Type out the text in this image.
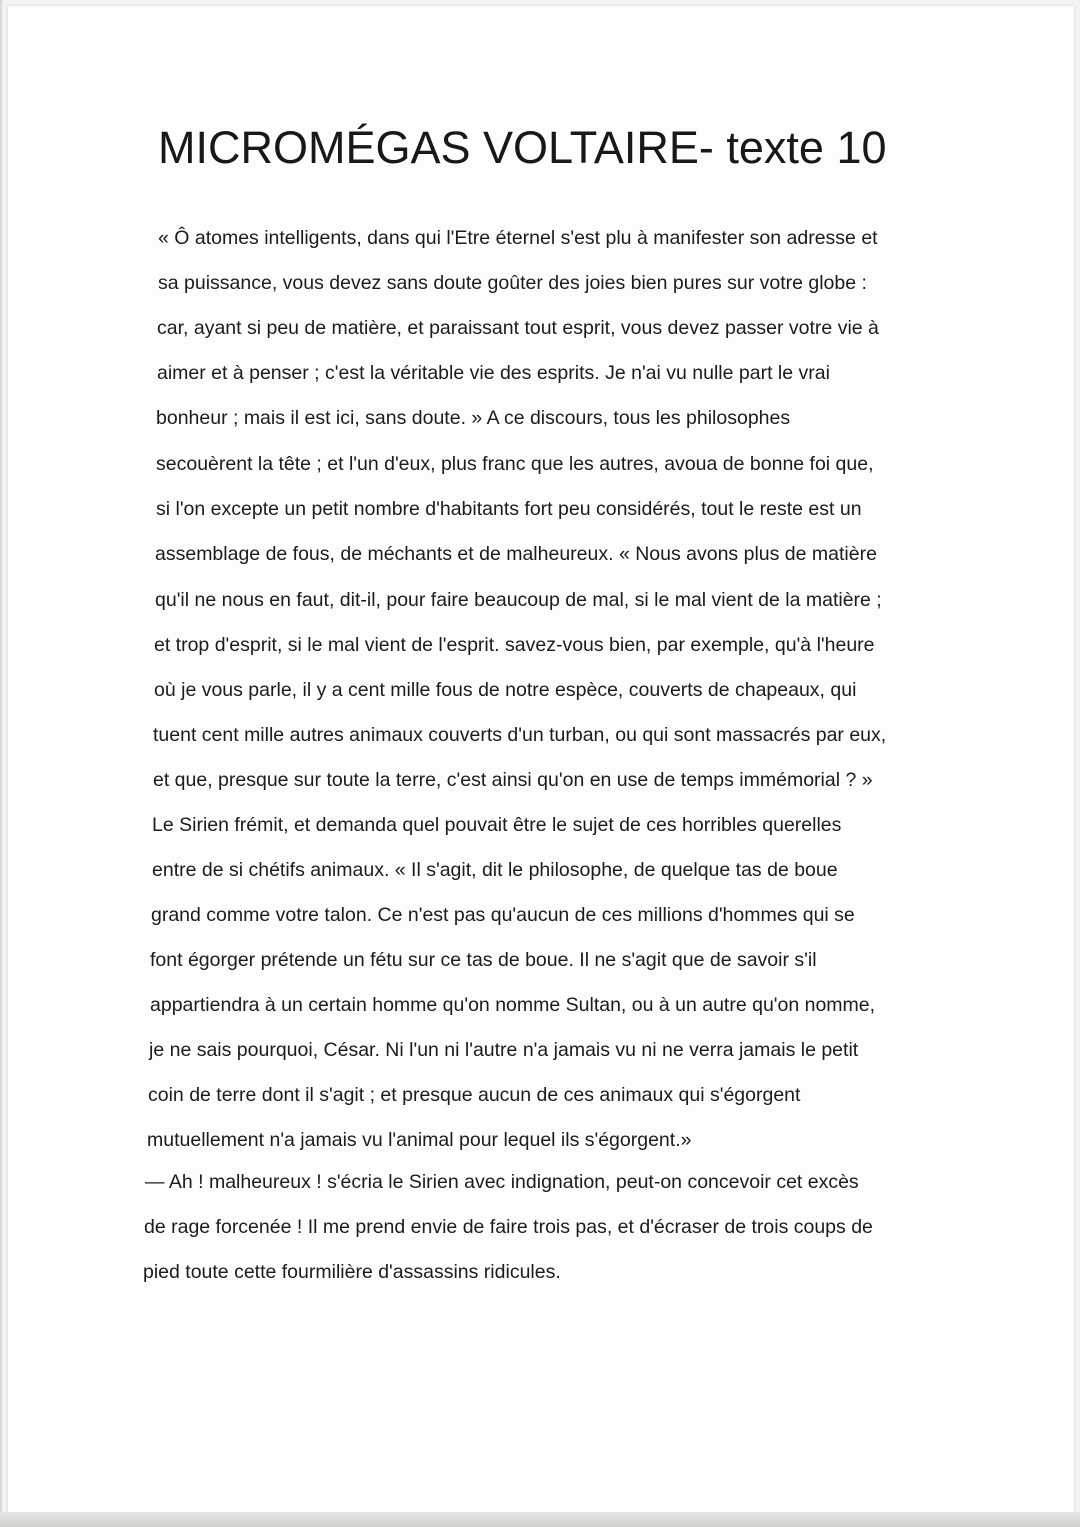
MICROMÉGAS VOLTAIRE- texte 10
« Ô atomes intelligents, dans qui l'Etre éternel s'est plu à manifester son adresse et
sa puissance, vous devez sans doute goûter des joies bien pures sur votre globe :
car, ayant si peu de matière, et paraissant tout esprit, vous devez passer votre vie à
aimer et à penser ; c'est la véritable vie des esprits. Je n'ai vu nulle part le vrai
bonheur ; mais il est ici, sans doute. » A ce discours, tous les philosophes
secouèrent la tête ; et l'un d'eux, plus franc que les autres, avoua de bonne foi que,
si l'on excepte un petit nombre d'habitants fort peu considérés, tout le reste est un
assemblage de fous, de méchants et de malheureux. « Nous avons plus de matière
qu'il ne nous en faut, dit-il, pour faire beaucoup de mal, si le mal vient de la matière ;
et trop d'esprit, si le mal vient de l'esprit. savez-vous bien, par exemple, qu'à l'heure
où je vous parle, il y a cent mille fous de notre espèce, couverts de chapeaux, qui
tuent cent mille autres animaux couverts d'un turban, ou qui sont massacrés par eux,
et que, presque sur toute la terre, c'est ainsi qu'on en use de temps immémorial ? »
Le Sirien frémit, et demanda quel pouvait être le sujet de ces horribles querelles
entre de si chétifs animaux. « Il s'agit, dit le philosophe, de quelque tas de boue
grand comme votre talon. Ce n'est pas qu'aucun de ces millions d'hommes qui se
font égorger prétende un fétu sur ce tas de boue. Il ne s'agit que de savoir s'il
appartiendra à un certain homme qu'on nomme Sultan, ou à un autre qu'on nomme,
je ne sais pourquoi, César. Ni l'un ni l'autre n'a jamais vu ni ne verra jamais le petit
coin de terre dont il s'agit ; et presque aucun de ces animaux qui s'égorgent
mutuellement n'a jamais vu l'animal pour lequel ils s'égorgent.»
— Ah ! malheureux ! s'écria le Sirien avec indignation, peut-on concevoir cet excès
de rage forcenée ! Il me prend envie de faire trois pas, et d'écraser de trois coups de
pied toute cette fourmilière d'assassins ridicules.
